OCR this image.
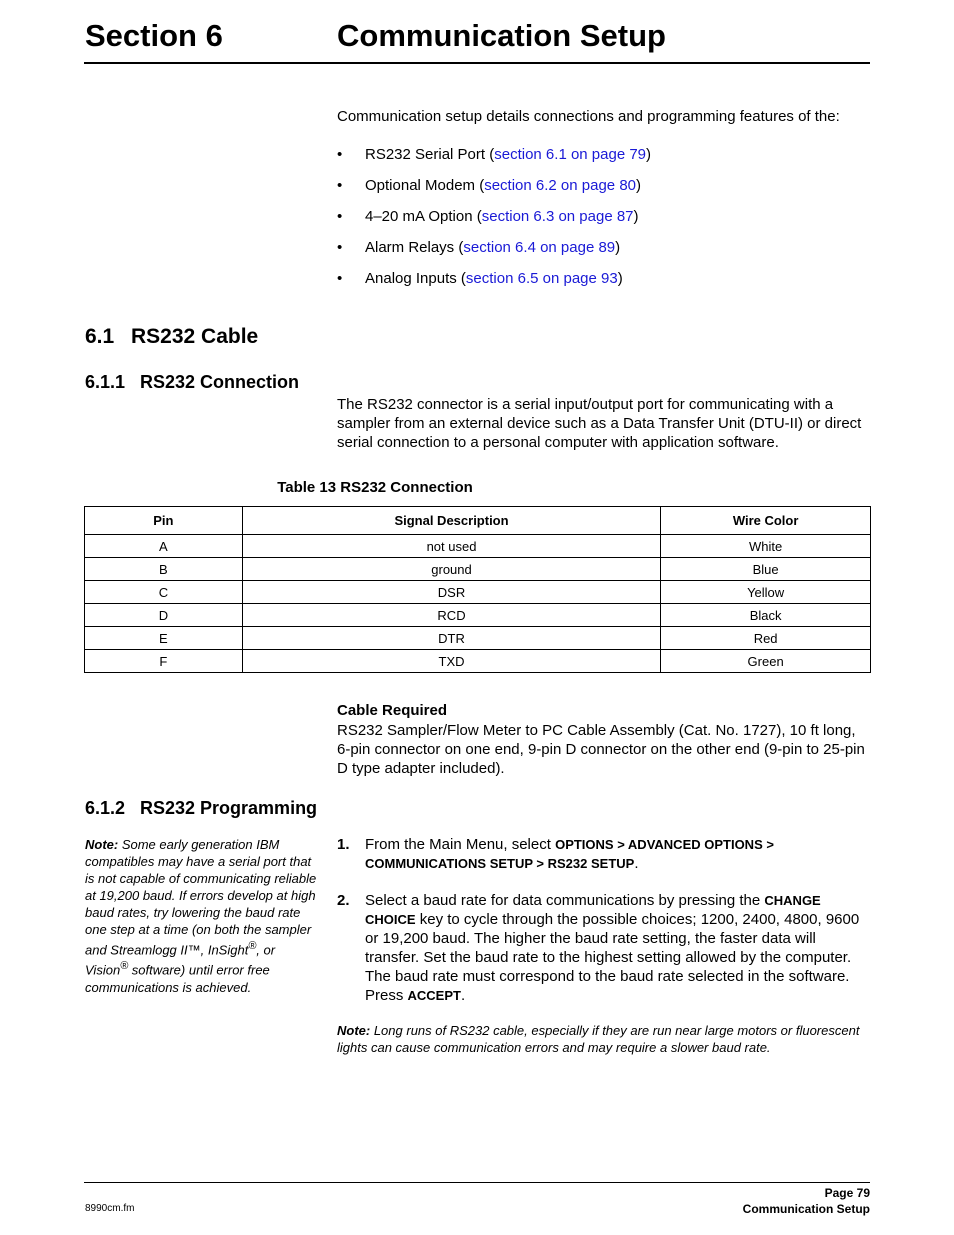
Section 6	Communication Setup
Communication setup details connections and programming features of the:
• RS232 Serial Port (section 6.1 on page 79)
• Optional Modem (section 6.2 on page 80)
• 4–20 mA Option (section 6.3 on page 87)
• Alarm Relays (section 6.4 on page 89)
• Analog Inputs (section 6.5 on page 93)
6.1 RS232 Cable
6.1.1 RS232 Connection
The RS232 connector is a serial input/output port for communicating with a sampler from an external device such as a Data Transfer Unit (DTU-II) or direct serial connection to a personal computer with application software.
Table 13 RS232 Connection
Pin	Signal Description	Wire Color
A	not used	White
B	ground	Blue
C	DSR	Yellow
D	RCD	Black
E	DTR	Red
F	TXD	Green
Cable Required
RS232 Sampler/Flow Meter to PC Cable Assembly (Cat. No. 1727), 10 ft long, 6-pin connector on one end, 9-pin D connector on the other end (9-pin to 25-pin D type adapter included).
6.1.2 RS232 Programming
Note: Some early generation IBM compatibles may have a serial port that is not capable of communicating reliable at 19,200 baud. If errors develop at high baud rates, try lowering the baud rate one step at a time (on both the sampler and Streamlogg II™, InSight®, or Vision® software) until error free communications is achieved.
1. From the Main Menu, select OPTIONS > ADVANCED OPTIONS > COMMUNICATIONS SETUP > RS232 SETUP.
2. Select a baud rate for data communications by pressing the CHANGE CHOICE key to cycle through the possible choices; 1200, 2400, 4800, 9600 or 19,200 baud. The higher the baud rate setting, the faster data will transfer. Set the baud rate to the highest setting allowed by the computer. The baud rate must correspond to the baud rate selected in the software. Press ACCEPT.
Note: Long runs of RS232 cable, especially if they are run near large motors or fluorescent lights can cause communication errors and may require a slower baud rate.
Page 79
Communication Setup
8990cm.fm
